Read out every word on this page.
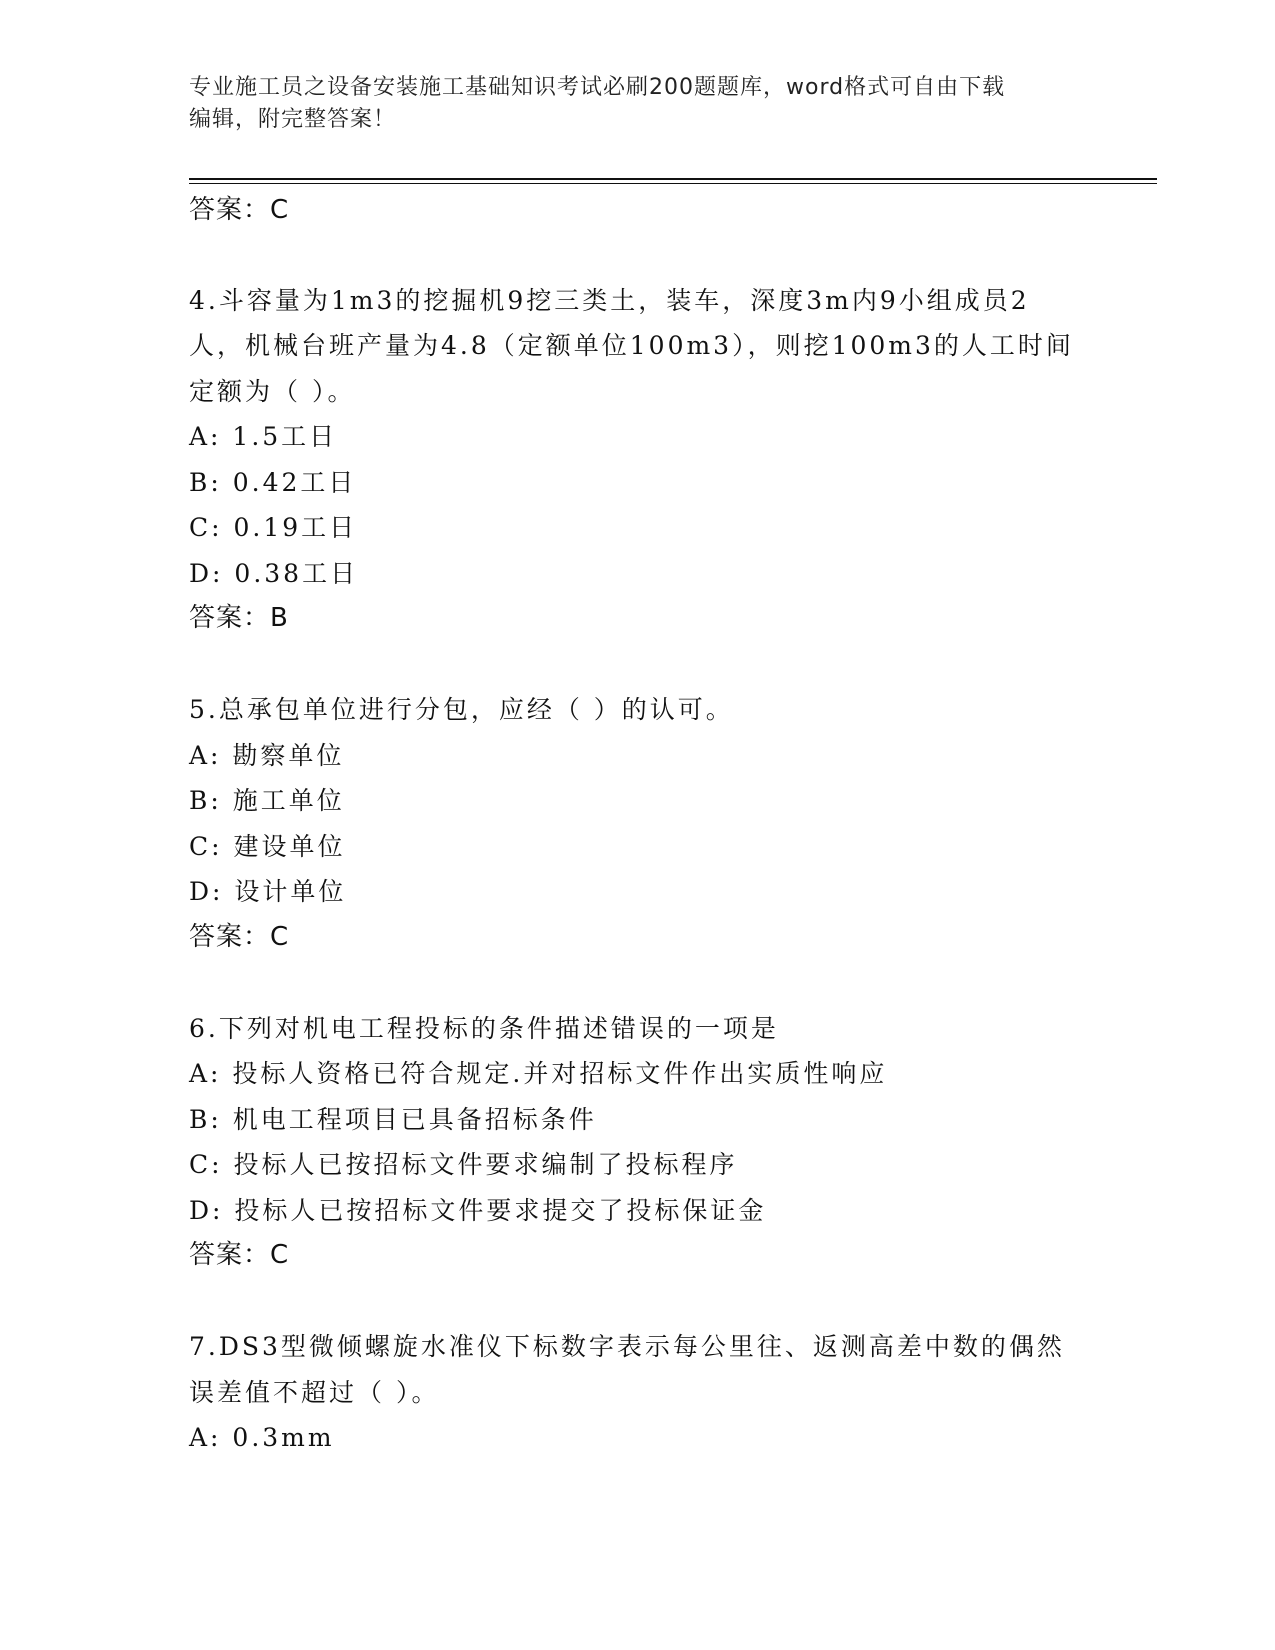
专业施工员之设备安装施工基础知识考试必刷200题题库，word格式可自由下载
编辑，附完整答案！
答案：C
4.斗容量为1m3的挖掘机9挖三类土，装车，深度3m内9小组成员2
人，机械台班产量为4.8（定额单位100m3），则挖100m3的人工时间
定额为（ ）。
A: 1.5工日
B: 0.42工日
C: 0.19工日
D: 0.38工日
答案：B
5.总承包单位进行分包，应经（ ）的认可。
A: 勘察单位
B: 施工单位
C: 建设单位
D: 设计单位
答案：C
6.下列对机电工程投标的条件描述错误的一项是
A: 投标人资格已符合规定.并对招标文件作出实质性响应
B: 机电工程项目已具备招标条件
C: 投标人已按招标文件要求编制了投标程序
D: 投标人已按招标文件要求提交了投标保证金
答案：C
7.DS3型微倾螺旋水准仪下标数字表示每公里往、返测高差中数的偶然
误差值不超过（ ）。
A: 0.3mm
